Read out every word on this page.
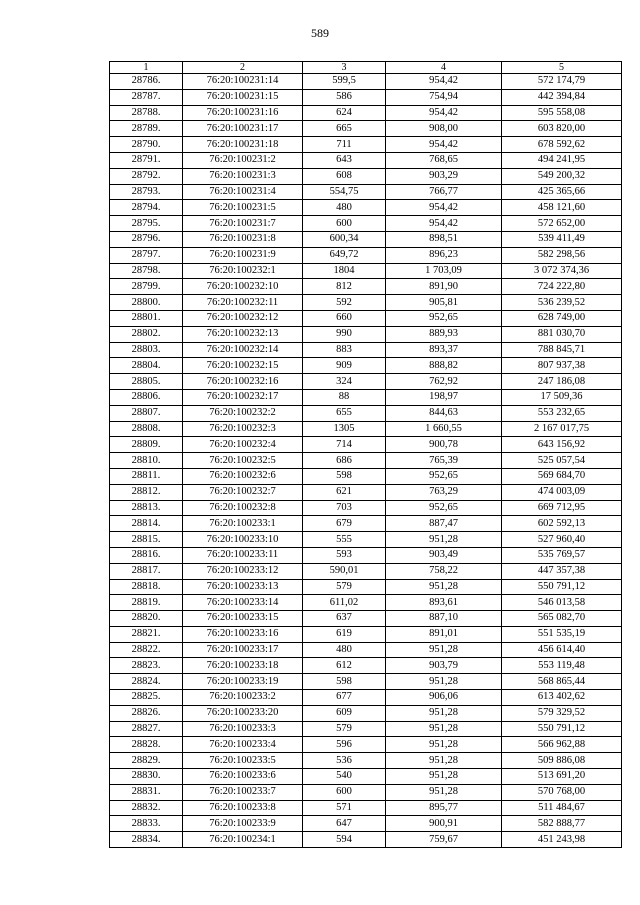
589
1	2	3	4	5
28786.	76:20:100231:14	599,5	954,42	572 174,79
28787.	76:20:100231:15	586	754,94	442 394,84
28788.	76:20:100231:16	624	954,42	595 558,08
28789.	76:20:100231:17	665	908,00	603 820,00
28790.	76:20:100231:18	711	954,42	678 592,62
28791.	76:20:100231:2	643	768,65	494 241,95
28792.	76:20:100231:3	608	903,29	549 200,32
28793.	76:20:100231:4	554,75	766,77	425 365,66
28794.	76:20:100231:5	480	954,42	458 121,60
28795.	76:20:100231:7	600	954,42	572 652,00
28796.	76:20:100231:8	600,34	898,51	539 411,49
28797.	76:20:100231:9	649,72	896,23	582 298,56
28798.	76:20:100232:1	1804	1 703,09	3 072 374,36
28799.	76:20:100232:10	812	891,90	724 222,80
28800.	76:20:100232:11	592	905,81	536 239,52
28801.	76:20:100232:12	660	952,65	628 749,00
28802.	76:20:100232:13	990	889,93	881 030,70
28803.	76:20:100232:14	883	893,37	788 845,71
28804.	76:20:100232:15	909	888,82	807 937,38
28805.	76:20:100232:16	324	762,92	247 186,08
28806.	76:20:100232:17	88	198,97	17 509,36
28807.	76:20:100232:2	655	844,63	553 232,65
28808.	76:20:100232:3	1305	1 660,55	2 167 017,75
28809.	76:20:100232:4	714	900,78	643 156,92
28810.	76:20:100232:5	686	765,39	525 057,54
28811.	76:20:100232:6	598	952,65	569 684,70
28812.	76:20:100232:7	621	763,29	474 003,09
28813.	76:20:100232:8	703	952,65	669 712,95
28814.	76:20:100233:1	679	887,47	602 592,13
28815.	76:20:100233:10	555	951,28	527 960,40
28816.	76:20:100233:11	593	903,49	535 769,57
28817.	76:20:100233:12	590,01	758,22	447 357,38
28818.	76:20:100233:13	579	951,28	550 791,12
28819.	76:20:100233:14	611,02	893,61	546 013,58
28820.	76:20:100233:15	637	887,10	565 082,70
28821.	76:20:100233:16	619	891,01	551 535,19
28822.	76:20:100233:17	480	951,28	456 614,40
28823.	76:20:100233:18	612	903,79	553 119,48
28824.	76:20:100233:19	598	951,28	568 865,44
28825.	76:20:100233:2	677	906,06	613 402,62
28826.	76:20:100233:20	609	951,28	579 329,52
28827.	76:20:100233:3	579	951,28	550 791,12
28828.	76:20:100233:4	596	951,28	566 962,88
28829.	76:20:100233:5	536	951,28	509 886,08
28830.	76:20:100233:6	540	951,28	513 691,20
28831.	76:20:100233:7	600	951,28	570 768,00
28832.	76:20:100233:8	571	895,77	511 484,67
28833.	76:20:100233:9	647	900,91	582 888,77
28834.	76:20:100234:1	594	759,67	451 243,98
